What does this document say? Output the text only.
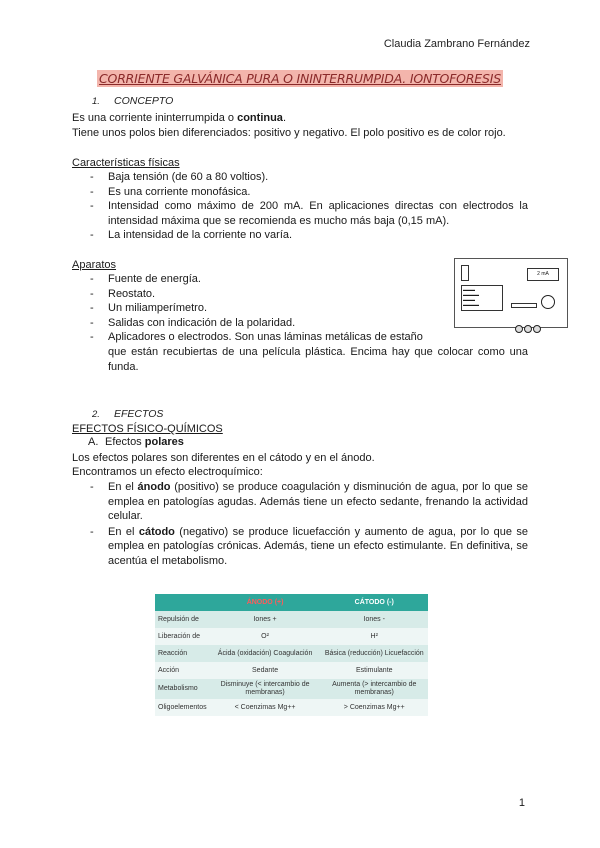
Claudia Zambrano Fernández
CORRIENTE GALVÁNICA PURA O ININTERRUMPIDA. IONTOFORESIS
1. CONCEPTO
Es una corriente ininterrumpida o continua.
Tiene unos polos bien diferenciados: positivo y negativo. El polo positivo es de color rojo.
Características físicas
- Baja tensión (de 60 a 80 voltios).
- Es una corriente monofásica.
- Intensidad como máximo de 200 mA. En aplicaciones directas con electrodos la intensidad máxima que se recomienda es mucho más baja (0,15 mA).
- La intensidad de la corriente no varía.
Aparatos
- Fuente de energía.
- Reostato.
- Un miliamperímetro.
- Salidas con indicación de la polaridad.
- Aplicadores o electrodos. Son unas láminas metálicas de estaño
que están recubiertas de una película plástica. Encima hay que colocar como una funda.
2 mA
▬▬▬
▬▬▬▬
▬▬▬
▬▬▬▬
2. EFECTOS
EFECTOS FÍSICO-QUÍMICOS
A. Efectos polares
Los efectos polares son diferentes en el cátodo y en el ánodo.
Encontramos un efecto electroquímico:
- En el ánodo (positivo) se produce coagulación y disminución de agua, por lo que se emplea en patologías agudas. Además tiene un efecto sedante, frenando la actividad celular.
- En el cátodo (negativo) se produce licuefacción y aumento de agua, por lo que se emplea en patologías crónicas. Además, tiene un efecto estimulante. En definitiva, se acentúa el metabolismo.
	ÁNODO (+)	CÁTODO (-)
Repulsión de	Iones +	Iones -
Liberación de	O²	H²
Reacción	Ácida (oxidación) Coagulación	Básica (reducción) Licuefacción
Acción	Sedante	Estimulante
Metabolismo	Disminuye (< intercambio de membranas)	Aumenta (> intercambio de membranas)
Oligoelementos	< Coenzimas Mg++	> Coenzimas Mg++
1
